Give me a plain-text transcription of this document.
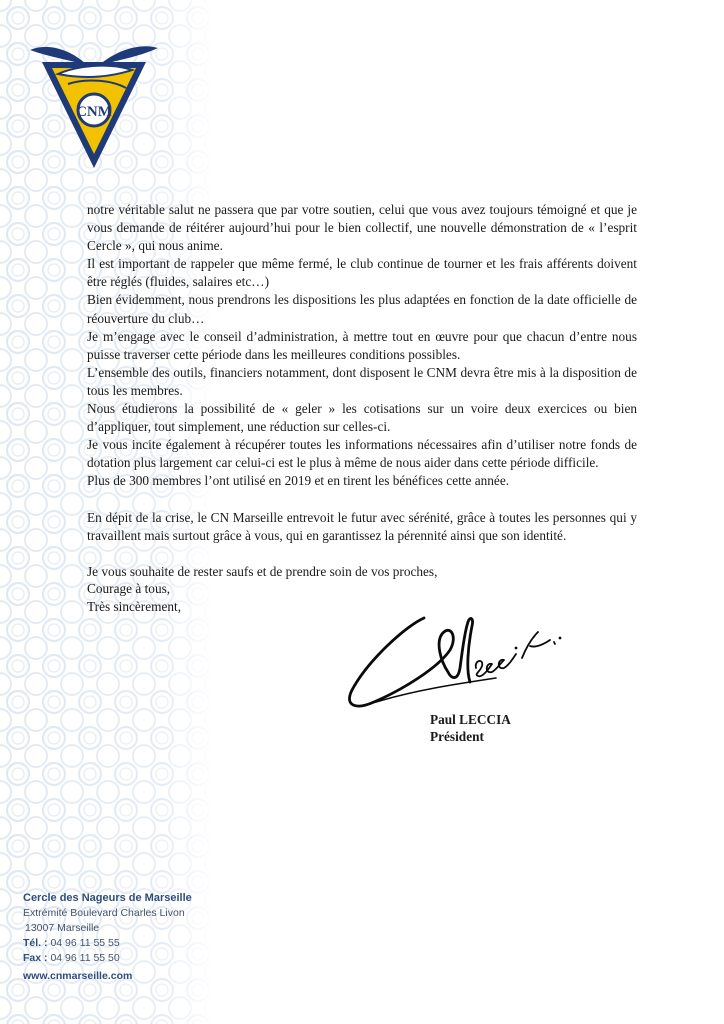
CNM

notre véritable salut ne passera que par votre soutien, celui que vous avez toujours témoigné et que je vous demande de réitérer aujourd’hui pour le bien collectif, une nouvelle démonstration de « l’esprit Cercle », qui nous anime.

Il est important de rappeler que même fermé, le club continue de tourner et les frais afférents doivent être réglés (fluides, salaires etc…)

Bien évidemment, nous prendrons les dispositions les plus adaptées en fonction de la date officielle de réouverture du club…

Je m’engage avec le conseil d’administration, à mettre tout en œuvre pour que chacun d’entre nous puisse traverser cette période dans les meilleures conditions possibles.

L’ensemble des outils, financiers notamment, dont disposent le CNM devra être mis à la disposition de tous les membres.

Nous étudierons la possibilité de « geler » les cotisations sur un voire deux exercices ou bien d’appliquer, tout simplement, une réduction sur celles-ci.

Je vous incite également à récupérer toutes les informations nécessaires afin d’utiliser notre fonds de dotation plus largement car celui-ci est le plus à même de nous aider dans cette période difficile.

Plus de 300 membres l’ont utilisé en 2019 et en tirent les bénéfices cette année.

En dépit de la crise, le CN Marseille entrevoit le futur avec sérénité, grâce à toutes les personnes qui y travaillent mais surtout grâce à vous, qui en garantissez la pérennité ainsi que son identité.

Je vous souhaite de rester saufs et de prendre soin de vos proches,

Courage à tous,

Très sincèrement,

Paul LECCIA

Président

Cercle des Nageurs de Marseille

Extrémité Boulevard Charles Livon

13007 Marseille

Tél. : 04 96 11 55 55

Fax : 04 96 11 55 50

www.cnmarseille.com
